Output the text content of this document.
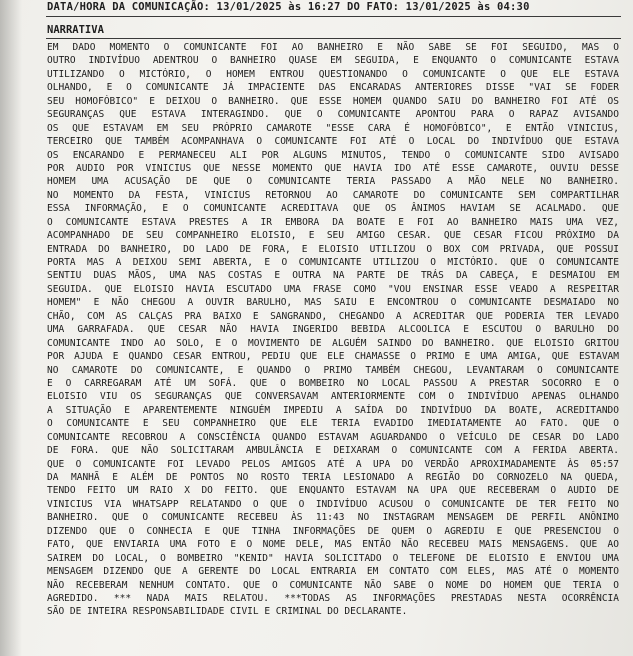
DATA/HORA DA COMUNICAÇÃO: 13/01/2025 às 16:27 DO FATO: 13/01/2025 às 04:30
NARRATIVA
EM DADO MOMENTO O COMUNICANTE FOI AO BANHEIRO E NÃO SABE SE FOI SEGUIDO, MAS O
OUTRO INDIVÍDUO ADENTROU O BANHEIRO QUASE EM SEGUIDA, E ENQUANTO O COMUNICANTE ESTAVA
UTILIZANDO O MICTÓRIO, O HOMEM ENTROU QUESTIONANDO O COMUNICANTE O QUE ELE ESTAVA
OLHANDO, E O COMUNICANTE JÁ IMPACIENTE DAS ENCARADAS ANTERIORES DISSE "VAI SE FODER
SEU HOMOFÓBICO" E DEIXOU O BANHEIRO. QUE ESSE HOMEM QUANDO SAIU DO BANHEIRO FOI ATÉ OS
SEGURANÇAS QUE ESTAVA INTERAGINDO. QUE O COMUNICANTE APONTOU PARA O RAPAZ AVISANDO
OS QUE ESTAVAM EM SEU PRÓPRIO CAMAROTE "ESSE CARA É HOMOFÓBICO", E ENTÃO VINICIUS,
TERCEIRO QUE TAMBÉM ACOMPANHAVA O COMUNICANTE FOI ATÉ O LOCAL DO INDIVÍDUO QUE ESTAVA
OS ENCARANDO E PERMANECEU ALI POR ALGUNS MINUTOS, TENDO O COMUNICANTE SIDO AVISADO
POR AUDIO POR VINICIUS QUE NESSE MOMENTO QUE HAVIA IDO ATÉ ESSE CAMAROTE, OUVIU DESSE
HOMEM UMA ACUSAÇÃO DE QUE O COMUNICANTE TERIA PASSADO A MÃO NELE NO BANHEIRO.
NO MOMENTO DA FESTA, VINICIUS RETORNOU AO CAMAROTE DO COMUNICANTE SEM COMPARTILHAR
ESSA INFORMAÇÃO, E O COMUNICANTE ACREDITAVA QUE OS ÂNIMOS HAVIAM SE ACALMADO. QUE
O COMUNICANTE ESTAVA PRESTES A IR EMBORA DA BOATE E FOI AO BANHEIRO MAIS UMA VEZ,
ACOMPANHADO DE SEU COMPANHEIRO ELOISIO, E SEU AMIGO CESAR. QUE CESAR FICOU PRÓXIMO DA
ENTRADA DO BANHEIRO, DO LADO DE FORA, E ELOISIO UTILIZOU O BOX COM PRIVADA, QUE POSSUI
PORTA MAS A DEIXOU SEMI ABERTA, E O COMUNICANTE UTILIZOU O MICTÓRIO. QUE O COMUNICANTE
SENTIU DUAS MÃOS, UMA NAS COSTAS E OUTRA NA PARTE DE TRÁS DA CABEÇA, E DESMAIOU EM
SEGUIDA. QUE ELOISIO HAVIA ESCUTADO UMA FRASE COMO "VOU ENSINAR ESSE VEADO A RESPEITAR
HOMEM" E NÃO CHEGOU A OUVIR BARULHO, MAS SAIU E ENCONTROU O COMUNICANTE DESMAIADO NO
CHÃO, COM AS CALÇAS PRA BAIXO E SANGRANDO, CHEGANDO A ACREDITAR QUE PODERIA TER LEVADO
UMA GARRAFADA. QUE CESAR NÃO HAVIA INGERIDO BEBIDA ALCOOLICA E ESCUTOU O BARULHO DO
COMUNICANTE INDO AO SOLO, E O MOVIMENTO DE ALGUÉM SAINDO DO BANHEIRO. QUE ELOISIO GRITOU
POR AJUDA E QUANDO CESAR ENTROU, PEDIU QUE ELE CHAMASSE O PRIMO E UMA AMIGA, QUE ESTAVAM
NO CAMAROTE DO COMUNICANTE, E QUANDO O PRIMO TAMBÉM CHEGOU, LEVANTARAM O COMUNICANTE
E O CARREGARAM ATÉ UM SOFÁ. QUE O BOMBEIRO NO LOCAL PASSOU A PRESTAR SOCORRO E O
ELOISIO VIU OS SEGURANÇAS QUE CONVERSAVAM ANTERIORMENTE COM O INDIVÍDUO APENAS OLHANDO
A SITUAÇÃO E APARENTEMENTE NINGUÉM IMPEDIU A SAÍDA DO INDIVÍDUO DA BOATE, ACREDITANDO
O COMUNICANTE E SEU COMPANHEIRO QUE ELE TERIA EVADIDO IMEDIATAMENTE AO FATO. QUE O
COMUNICANTE RECOBROU A CONSCIÊNCIA QUANDO ESTAVAM AGUARDANDO O VEÍCULO DE CESAR DO LADO
DE FORA. QUE NÃO SOLICITARAM AMBULÂNCIA E DEIXARAM O COMUNICANTE COM A FERIDA ABERTA.
QUE O COMUNICANTE FOI LEVADO PELOS AMIGOS ATÉ A UPA DO VERDÃO APROXIMADAMENTE ÀS 05:57
DA MANHÃ E ALÉM DE PONTOS NO ROSTO TERIA LESIONADO A REGIÃO DO CORNOZELO NA QUEDA,
TENDO FEITO UM RAIO X DO FEITO. QUE ENQUANTO ESTAVAM NA UPA QUE RECEBERAM O AUDIO DE
VINICIUS VIA WHATSAPP RELATANDO O QUE O INDIVÍDUO ACUSOU O COMUNICANTE DE TER FEITO NO
BANHEIRO. QUE O COMUNICANTE RECEBEU ÀS 11:43 NO INSTAGRAM MENSAGEM DE PERFIL ANÔNIMO
DIZENDO QUE O CONHECIA E QUE TINHA INFORMAÇÕES DE QUEM O AGREDIU E QUE PRESENCIOU O
FATO, QUE ENVIARIA UMA FOTO E O NOME DELE, MAS ENTÃO NÃO RECEBEU MAIS MENSAGENS. QUE AO
SAIREM DO LOCAL, O BOMBEIRO "KENID" HAVIA SOLICITADO O TELEFONE DE ELOISIO E ENVIOU UMA
MENSAGEM DIZENDO QUE A GERENTE DO LOCAL ENTRARIA EM CONTATO COM ELES, MAS ATÉ O MOMENTO
NÃO RECEBERAM NENHUM CONTATO. QUE O COMUNICANTE NÃO SABE O NOME DO HOMEM QUE TERIA O
AGREDIDO. *** NADA MAIS RELATOU. ***TODAS AS INFORMAÇÕES PRESTADAS NESTA OCORRÊNCIA
SÃO DE INTEIRA RESPONSABILIDADE CIVIL E CRIMINAL DO DECLARANTE.
